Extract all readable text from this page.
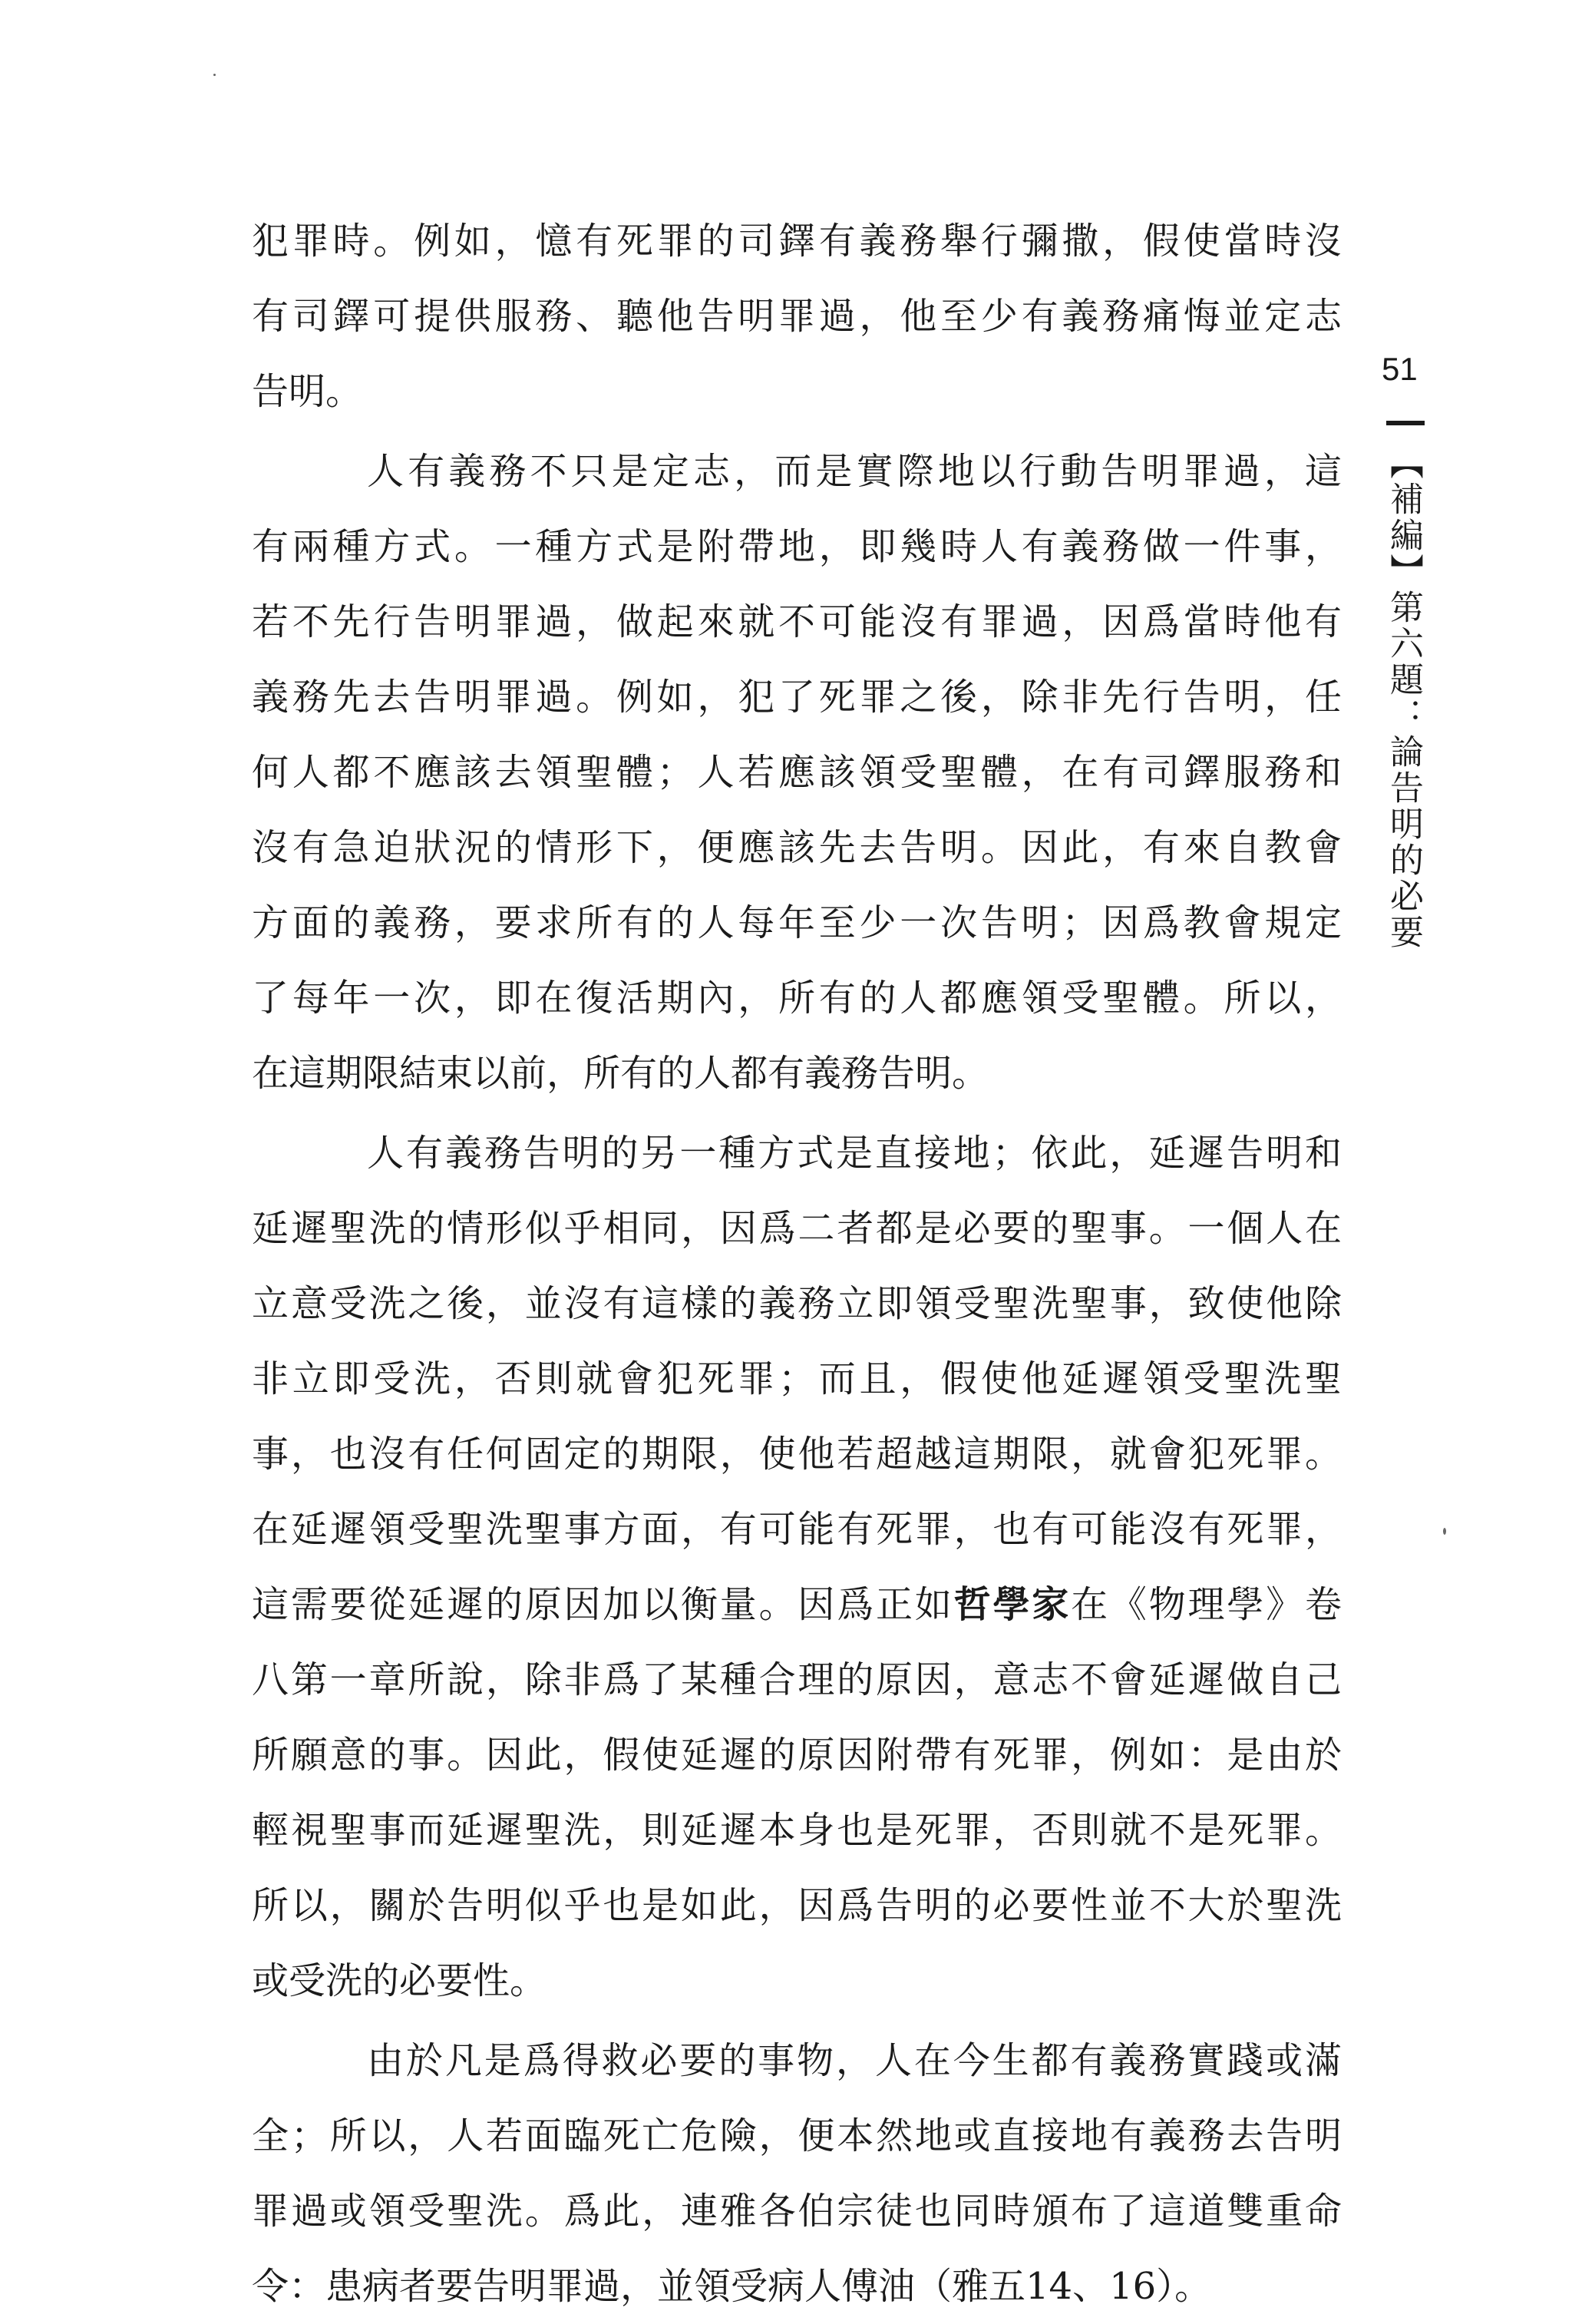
犯罪時。例如，憶有死罪的司鐸有義務舉行彌撒，假使當時沒
有司鐸可提供服務、聽他告明罪過，他至少有義務痛悔並定志
告明。
人有義務不只是定志，而是實際地以行動告明罪過，這
有兩種方式。一種方式是附帶地，即幾時人有義務做一件事，
若不先行告明罪過，做起來就不可能沒有罪過，因爲當時他有
義務先去告明罪過。例如，犯了死罪之後，除非先行告明，任
何人都不應該去領聖體；人若應該領受聖體，在有司鐸服務和
沒有急迫狀況的情形下，便應該先去告明。因此，有來自教會
方面的義務，要求所有的人每年至少一次告明；因爲教會規定
了每年一次，即在復活期內，所有的人都應領受聖體。所以，
在這期限結束以前，所有的人都有義務告明。
人有義務告明的另一種方式是直接地；依此，延遲告明和
延遲聖洗的情形似乎相同，因爲二者都是必要的聖事。一個人在
立意受洗之後，並沒有這樣的義務立即領受聖洗聖事，致使他除
非立即受洗，否則就會犯死罪；而且，假使他延遲領受聖洗聖
事，也沒有任何固定的期限，使他若超越這期限，就會犯死罪。
在延遲領受聖洗聖事方面，有可能有死罪，也有可能沒有死罪，
這需要從延遲的原因加以衡量。因爲正如哲學家在《物理學》卷
八第一章所說，除非爲了某種合理的原因，意志不會延遲做自己
所願意的事。因此，假使延遲的原因附帶有死罪，例如：是由於
輕視聖事而延遲聖洗，則延遲本身也是死罪，否則就不是死罪。
所以，關於告明似乎也是如此，因爲告明的必要性並不大於聖洗
或受洗的必要性。
由於凡是爲得救必要的事物，人在今生都有義務實踐或滿
全；所以，人若面臨死亡危險，便本然地或直接地有義務去告明
罪過或領受聖洗。爲此，連雅各伯宗徒也同時頒布了這道雙重命
令：患病者要告明罪過，並領受病人傅油（雅五14、16）。
51
【補編】第六題：論告明的必要
